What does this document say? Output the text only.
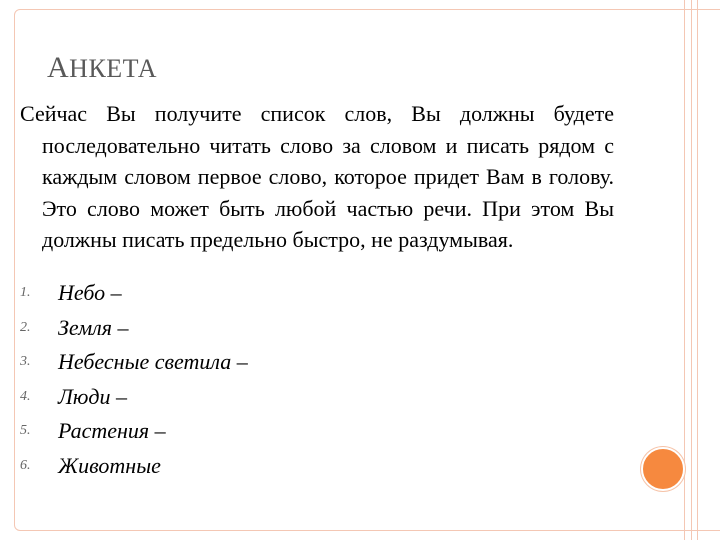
АНКЕТА
Сейчас Вы получите список слов, Вы должны будете последовательно читать слово за словом и писать рядом с каждым словом первое слово, которое придет Вам в голову. Это слово может быть любой частью речи. При этом Вы должны писать предельно быстро, не раздумывая.
1. Небо –
2. Земля –
3. Небесные светила –
4. Люди –
5. Растения –
6. Животные
